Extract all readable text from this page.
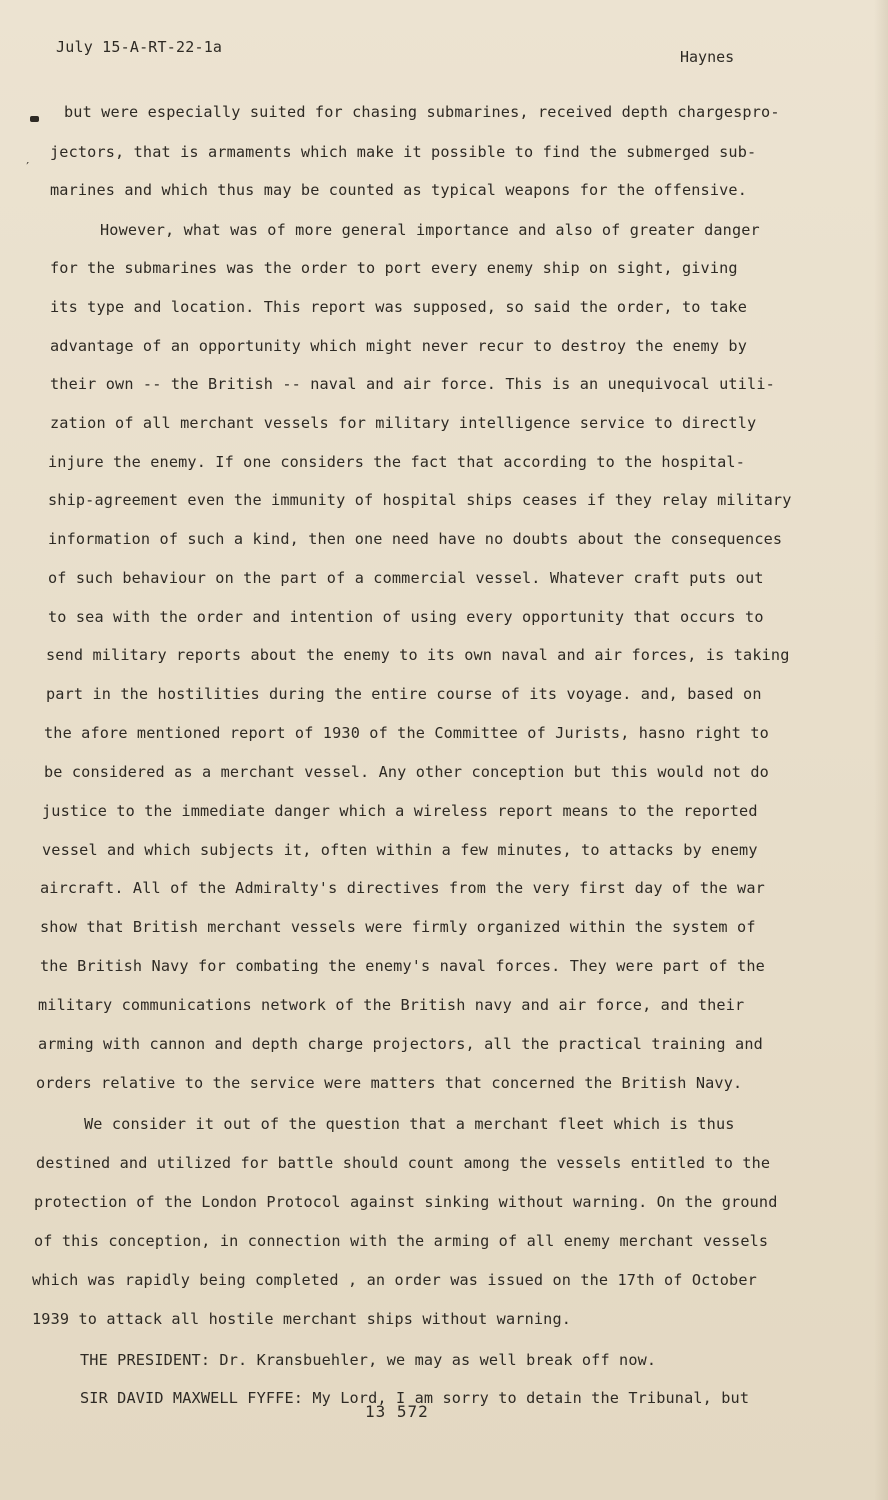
July 15-A-RT-22-1a
Haynes
′
but were especially suited for chasing submarines, received depth chargespro-
jectors, that is armaments which make it possible to find the submerged sub-
marines and which thus may be counted as typical weapons for the offensive.
However, what was of more general importance and also of greater danger
for the submarines was the order to port every enemy ship on sight, giving
its type and location. This report was supposed, so said the order, to take
advantage of an opportunity which might never recur to destroy the enemy by
their own -- the British -- naval and air force. This is an unequivocal utili-
zation of all merchant vessels for military intelligence service to directly
injure the enemy. If one considers the fact that according to the hospital-
ship-agreement even the immunity of hospital ships ceases if they relay military
information of such a kind, then one need have no doubts about the consequences
of such behaviour on the part of a commercial vessel. Whatever craft puts out
to sea with the order and intention of using every opportunity that occurs to
send military reports about the enemy to its own naval and air forces, is taking
part in the hostilities during the entire course of its voyage. and, based on
the afore mentioned report of 1930 of the Committee of Jurists, hasno right to
be considered as a merchant vessel. Any other conception but this would not do
justice to the immediate danger which a wireless report means to the reported
vessel and which subjects it, often within a few minutes, to attacks by enemy
aircraft. All of the Admiralty's directives from the very first day of the war
show that British merchant vessels were firmly organized within the system of
the British Navy for combating the enemy's naval forces. They were part of the
military communications network of the British navy and air force, and their
arming with cannon and depth charge projectors, all the practical training and
orders relative to the service were matters that concerned the British Navy.
We consider it out of the question that a merchant fleet which is thus
destined and utilized for battle should count among the vessels entitled to the
protection of the London Protocol against sinking without warning. On the ground
of this conception, in connection with the arming of all enemy merchant vessels
which was rapidly being completed , an order was issued on the 17th of October
1939 to attack all hostile merchant ships without warning.
THE PRESIDENT: Dr. Kransbuehler, we may as well break off now.
SIR DAVID MAXWELL FYFFE: My Lord, I am sorry to detain the Tribunal, but
13 572
